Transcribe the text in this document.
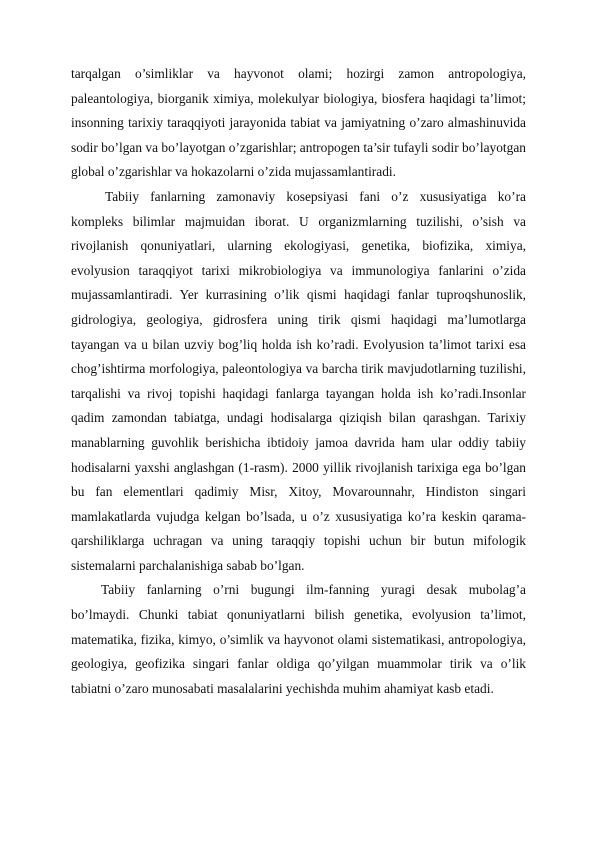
tarqalgan o’simliklar va hayvonot olami; hozirgi zamon antropologiya, paleantologiya, biorganik ximiya, molekulyar biologiya, biosfera haqidagi ta’limot; insonning tarixiy taraqqiyoti jarayonida tabiat va jamiyatning o’zaro almashinuvida sodir bo’lgan va bo’layotgan o’zgarishlar; antropogen ta’sir tufayli sodir bo’layotgan global o’zgarishlar va hokazolarni o’zida mujassamlantiradi.

Tabiiy fanlarning zamonaviy kosepsiyasi fani o’z xususiyatiga ko’ra kompleks bilimlar majmuidan iborat. U organizmlarning tuzilishi, o’sish va rivojlanish qonuniyatlari, ularning ekologiyasi, genetika, biofizika, ximiya, evolyusion taraqqiyot tarixi mikrobiologiya va immunologiya fanlarini o’zida mujassamlantiradi. Yer kurrasining o’lik qismi haqidagi fanlar tuproqshunoslik, gidrologiya, geologiya, gidrosfera uning tirik qismi haqidagi ma’lumotlarga tayangan va u bilan uzviy bog’liq holda ish ko’radi. Evolyusion ta’limot tarixi esa chog’ishtirma morfologiya, paleontologiya va barcha tirik mavjudotlarning tuzilishi, tarqalishi va rivoj topishi haqidagi fanlarga tayangan holda ish ko’radi.Insonlar qadim zamondan tabiatga, undagi hodisalarga qiziqish bilan qarashgan. Tarixiy manablarning guvohlik berishicha ibtidoiy jamoa davrida ham ular oddiy tabiiy hodisalarni yaxshi anglashgan (1-rasm). 2000 yillik rivojlanish tarixiga ega bo’lgan bu fan elementlari qadimiy Misr, Xitoy, Movarounnahr, Hindiston singari mamlakatlarda vujudga kelgan bo’lsada, u o’z xususiyatiga ko’ra keskin qarama-qarshiliklarga uchragan va uning taraqqiy topishi uchun bir butun mifologik sistemalarni parchalanishiga sabab bo’lgan.

Tabiiy fanlarning o’rni bugungi ilm-fanning yuragi desak mubolag’a bo’lmaydi. Chunki tabiat qonuniyatlarni bilish genetika, evolyusion ta’limot, matematika, fizika, kimyo, o’simlik va hayvonot olami sistematikasi, antropologiya, geologiya, geofizika singari fanlar oldiga qo’yilgan muammolar tirik va o’lik tabiatni o’zaro munosabati masalalarini yechishda muhim ahamiyat kasb etadi.
